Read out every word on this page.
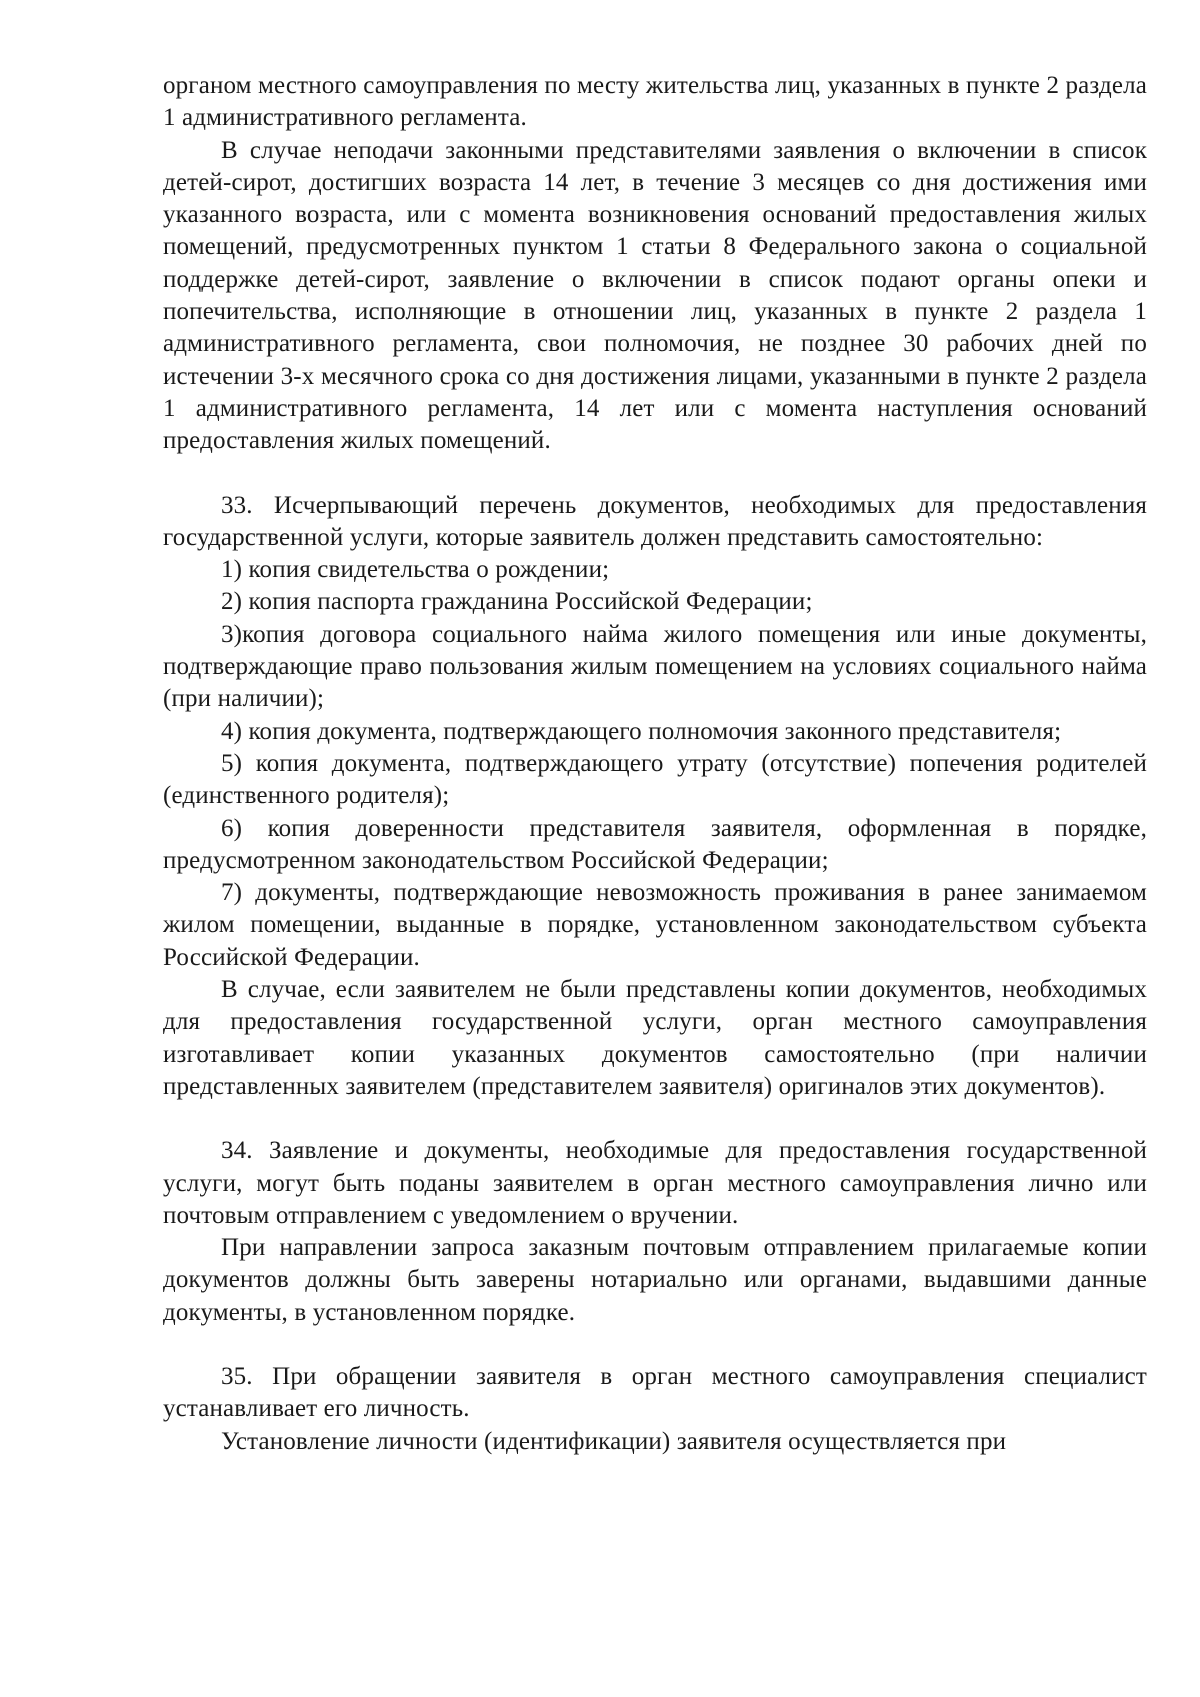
органом местного самоуправления по месту жительства лиц, указанных в пункте 2 раздела 1 административного регламента.

В случае неподачи законными представителями заявления о включении в список детей-сирот, достигших возраста 14 лет, в течение 3 месяцев со дня достижения ими указанного возраста, или с момента возникновения оснований предоставления жилых помещений, предусмотренных пунктом 1 статьи 8 Федерального закона о социальной поддержке детей-сирот, заявление о включении в список подают органы опеки и попечительства, исполняющие в отношении лиц, указанных в пункте 2 раздела 1 административного регламента, свои полномочия, не позднее 30 рабочих дней по истечении 3-х месячного срока со дня достижения лицами, указанными в пункте 2 раздела 1 административного регламента, 14 лет или с момента наступления оснований предоставления жилых помещений.

33. Исчерпывающий перечень документов, необходимых для предоставления государственной услуги, которые заявитель должен представить самостоятельно:

1) копия свидетельства о рождении;

2) копия паспорта гражданина Российской Федерации;

3)копия договора социального найма жилого помещения или иные документы, подтверждающие право пользования жилым помещением на условиях социального найма (при наличии);

4) копия документа, подтверждающего полномочия законного представителя;

5) копия документа, подтверждающего утрату (отсутствие) попечения родителей (единственного родителя);

6) копия доверенности представителя заявителя, оформленная в порядке, предусмотренном законодательством Российской Федерации;

7) документы, подтверждающие невозможность проживания в ранее занимаемом жилом помещении, выданные в порядке, установленном законодательством субъекта Российской Федерации.

В случае, если заявителем не были представлены копии документов, необходимых для предоставления государственной услуги, орган местного самоуправления изготавливает копии указанных документов самостоятельно (при наличии представленных заявителем (представителем заявителя) оригиналов этих документов).

34. Заявление и документы, необходимые для предоставления государственной услуги, могут быть поданы заявителем в орган местного самоуправления лично или почтовым отправлением с уведомлением о вручении.

При направлении запроса заказным почтовым отправлением прилагаемые копии документов должны быть заверены нотариально или органами, выдавшими данные документы, в установленном порядке.

35. При обращении заявителя в орган местного самоуправления специалист устанавливает его личность.

Установление личности (идентификации) заявителя осуществляется при
